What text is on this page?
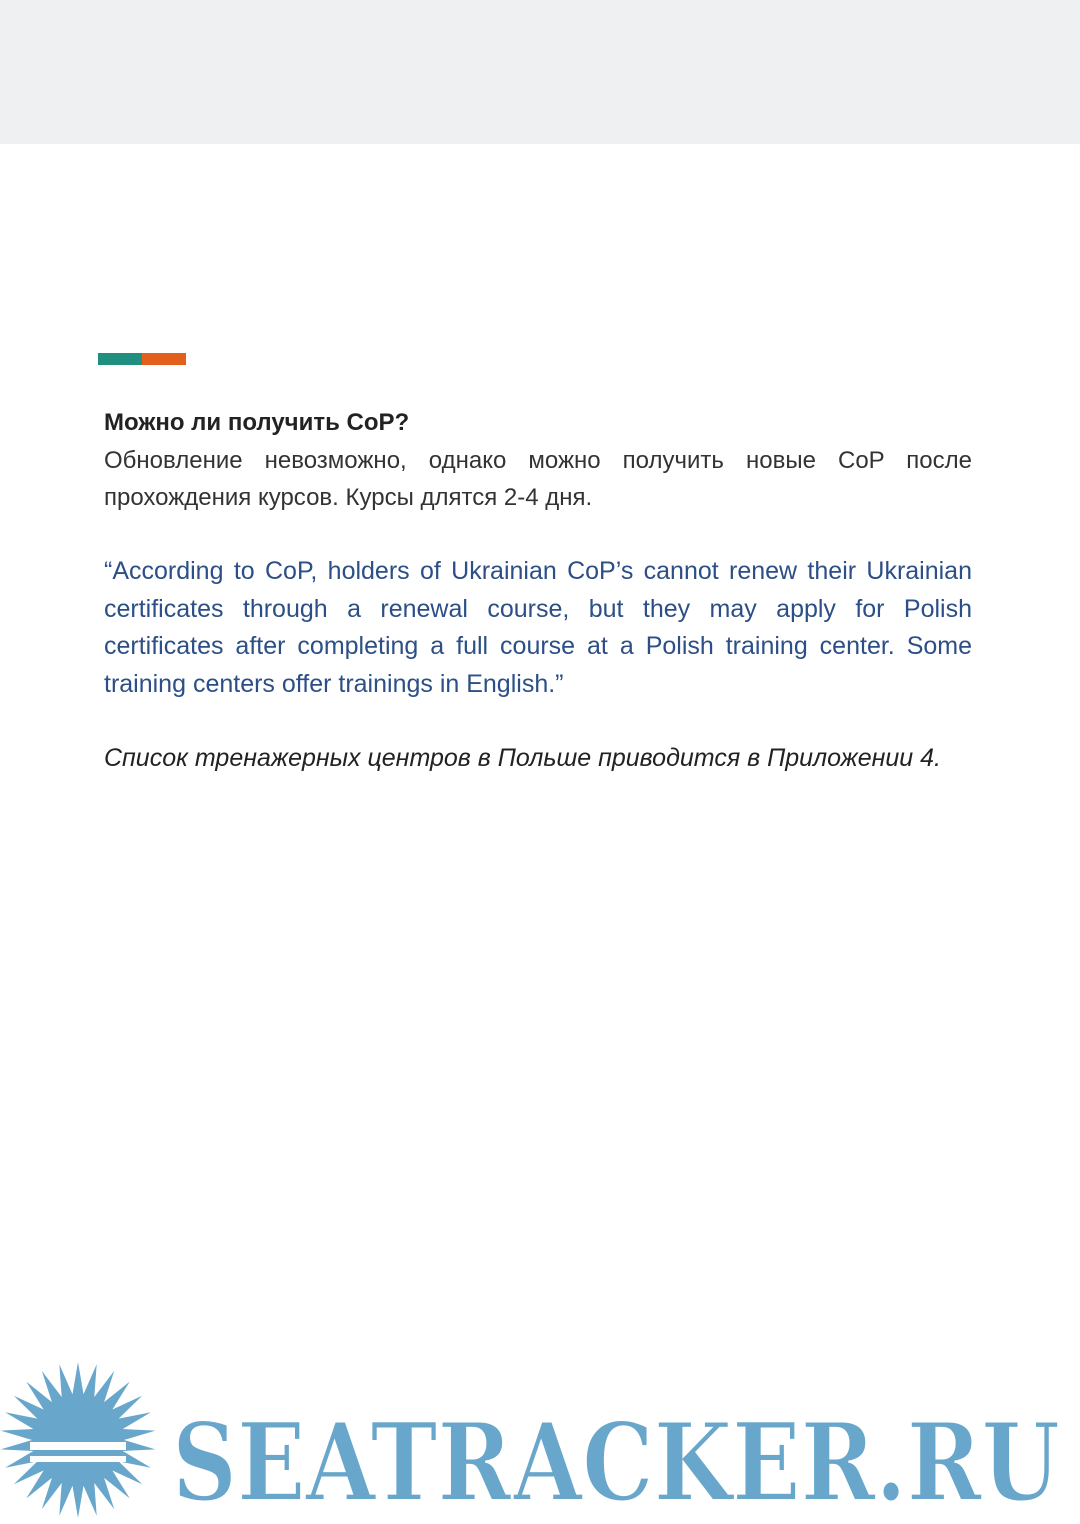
Можно ли получить CoP?

Обновление невозможно, однако можно получить новые CoP после прохождения курсов. Курсы длятся 2-4 дня.

“According to CoP, holders of Ukrainian CoP’s cannot renew their Ukrainian certificates through a renewal course, but they may apply for Polish certificates after completing a full course at a Polish training center. Some training centers offer trainings in English.”

Список тренажерных центров в Польше приводится в Приложении 4.

SEATRACKER.RU
